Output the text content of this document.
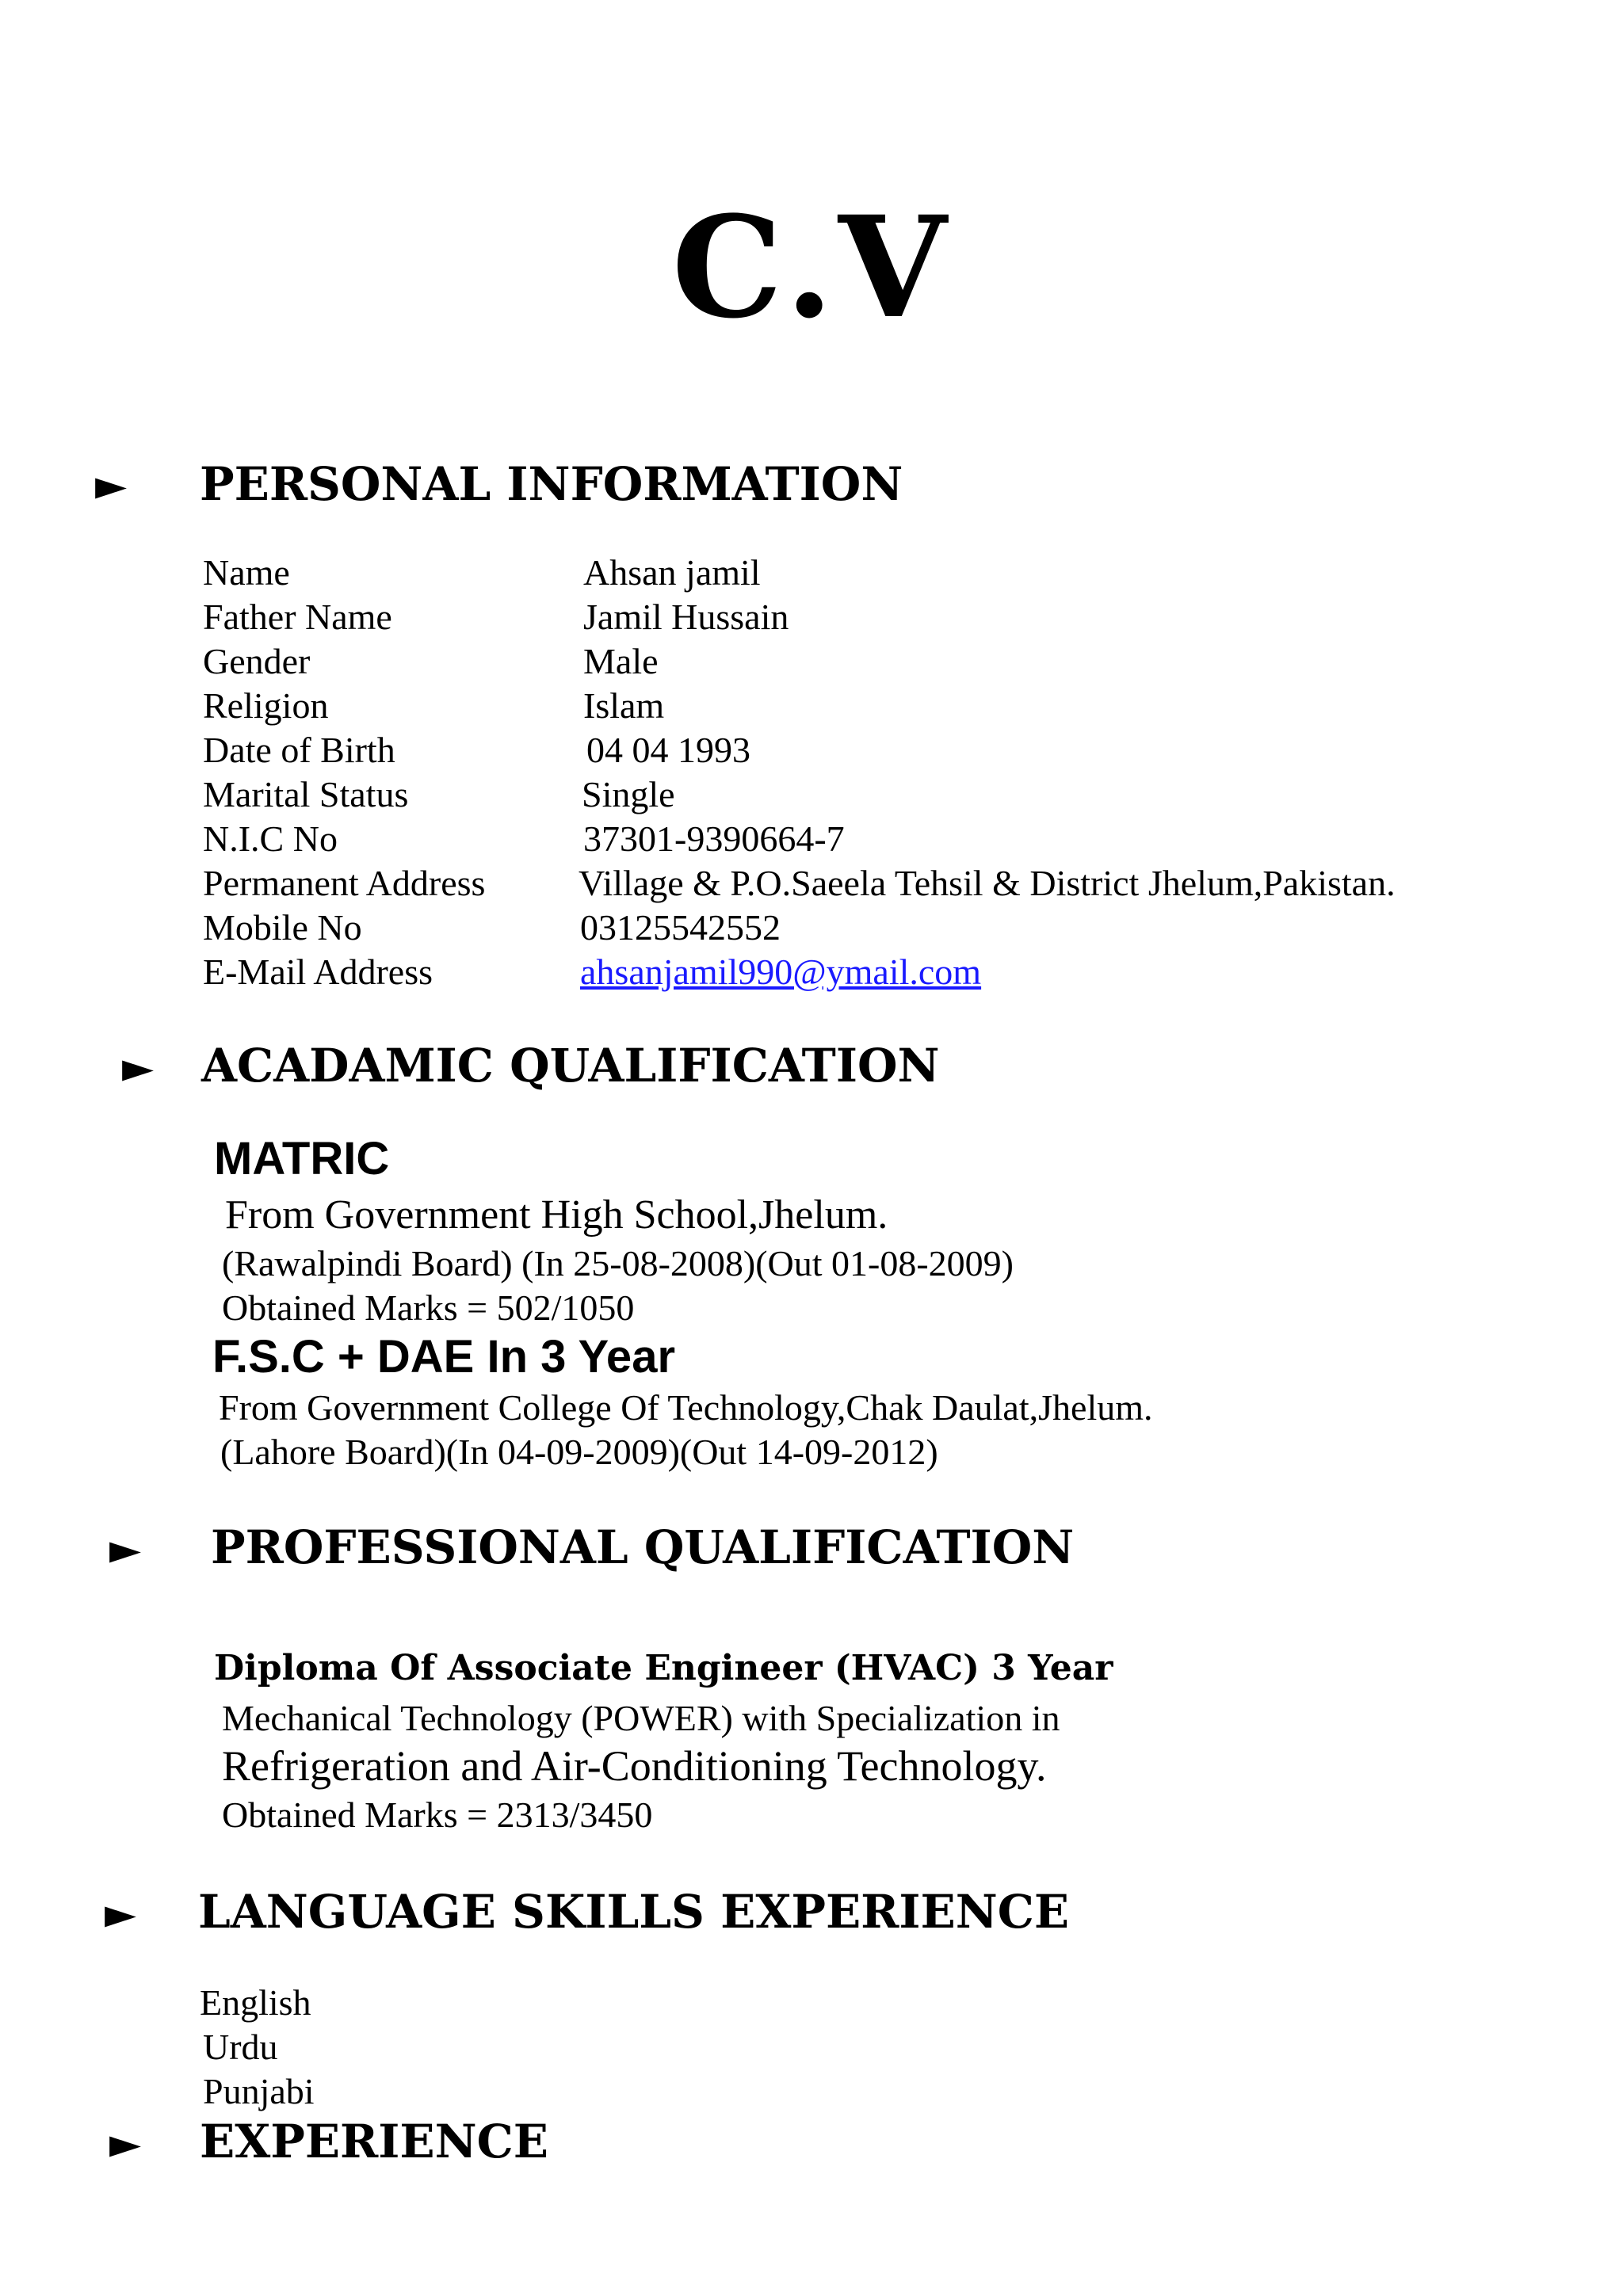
C.V
► PERSONAL INFORMATION
Name	Ahsan jamil
Father Name	Jamil Hussain
Gender	Male
Religion	Islam
Date of Birth	04 04 1993
Marital Status	Single
N.I.C No	37301-9390664-7
Permanent Address	Village & P.O.Saeela Tehsil & District Jhelum,Pakistan.
Mobile No	03125542552
E-Mail Address	ahsanjamil990@ymail.com
► ACADAMIC QUALIFICATION
MATRIC
From Government High School,Jhelum.
(Rawalpindi Board) (In 25-08-2008)(Out 01-08-2009)
Obtained Marks = 502/1050
F.S.C + DAE In 3 Year
From Government College Of Technology,Chak Daulat,Jhelum.
(Lahore Board)(In 04-09-2009)(Out 14-09-2012)
► PROFESSIONAL QUALIFICATION
Diploma Of Associate Engineer (HVAC) 3 Year
Mechanical Technology (POWER) with Specialization in
Refrigeration and Air-Conditioning Technology.
Obtained Marks = 2313/3450
► LANGUAGE SKILLS EXPERIENCE
English
Urdu
Punjabi
► EXPERIENCE
